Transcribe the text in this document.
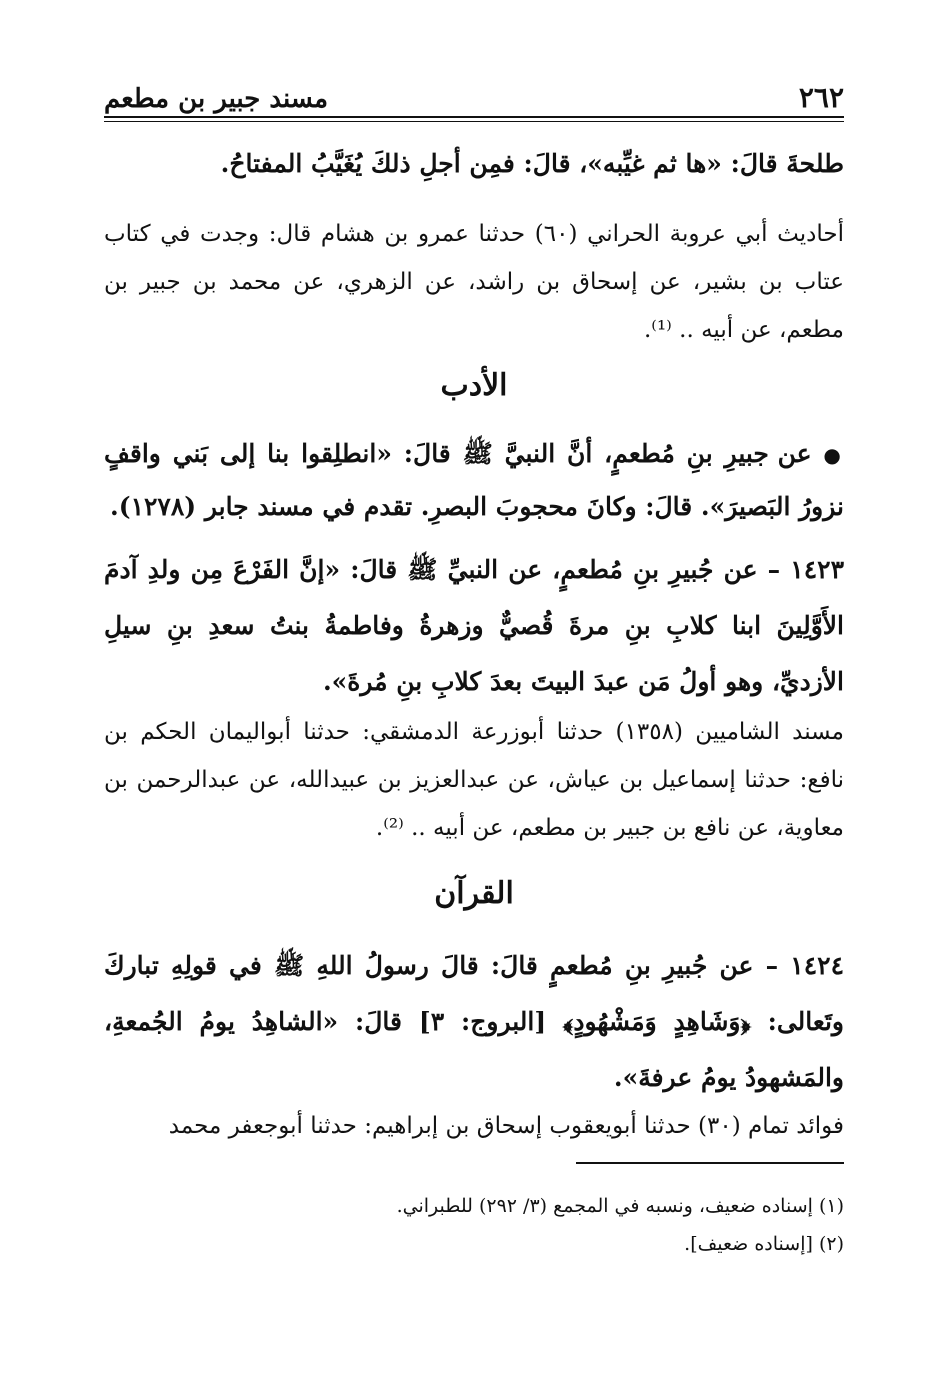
٢٦٢
مسند جبير بن مطعم

طلحةَ قالَ: «ها ثم غيِّبه»، قالَ: فمِن أجلِ ذلكَ يُغَيَّبُ المفتاحُ.

أحاديث أبي عروبة الحراني (٦٠) حدثنا عمرو بن هشام قال: وجدت في كتاب عتاب بن بشير، عن إسحاق بن راشد، عن الزهري، عن محمد بن جبير بن مطعم، عن أبيه .. ⁽¹⁾.

الأدب

● عن جبيرِ بنِ مُطعمٍ، أنَّ النبيَّ ﷺ قالَ: «انطلِقوا بنا إلى بَني واقفٍ نزورُ البَصيرَ». قالَ: وكانَ محجوبَ البصرِ. تقدم في مسند جابر (١٢٧٨).

١٤٢٣ – عن جُبيرِ بنِ مُطعمٍ، عن النبيِّ ﷺ قالَ: «إنَّ الفَرْعَ مِن ولدِ آدمَ الأَوَّلِينَ ابنا كلابِ بنِ مرةَ قُصيٌّ وزهرةُ وفاطمةُ بنتُ سعدِ بنِ سيلِ الأزديِّ، وهو أولُ مَن عبدَ البيتَ بعدَ كلابِ بنِ مُرةَ».

مسند الشاميين (١٣٥٨) حدثنا أبوزرعة الدمشقي: حدثنا أبواليمان الحكم بن نافع: حدثنا إسماعيل بن عياش، عن عبدالعزيز بن عبيدالله، عن عبدالرحمن بن معاوية، عن نافع بن جبير بن مطعم، عن أبيه .. ⁽²⁾.

القرآن

١٤٢٤ – عن جُبيرِ بنِ مُطعمٍ قالَ: قالَ رسولُ اللهِ ﷺ في قولِهِ تباركَ وتَعالى: ﴿وَشَاهِدٍ وَمَشْهُودٍ﴾ [البروج: ٣] قالَ: «الشاهِدُ يومُ الجُمعةِ، والمَشهودُ يومُ عرفةَ».

فوائد تمام (٣٠) حدثنا أبويعقوب إسحاق بن إبراهيم: حدثنا أبوجعفر محمد

(١) إسناده ضعيف، ونسبه في المجمع (٣/ ٢٩٢) للطبراني.

(٢) [إسناده ضعيف].
